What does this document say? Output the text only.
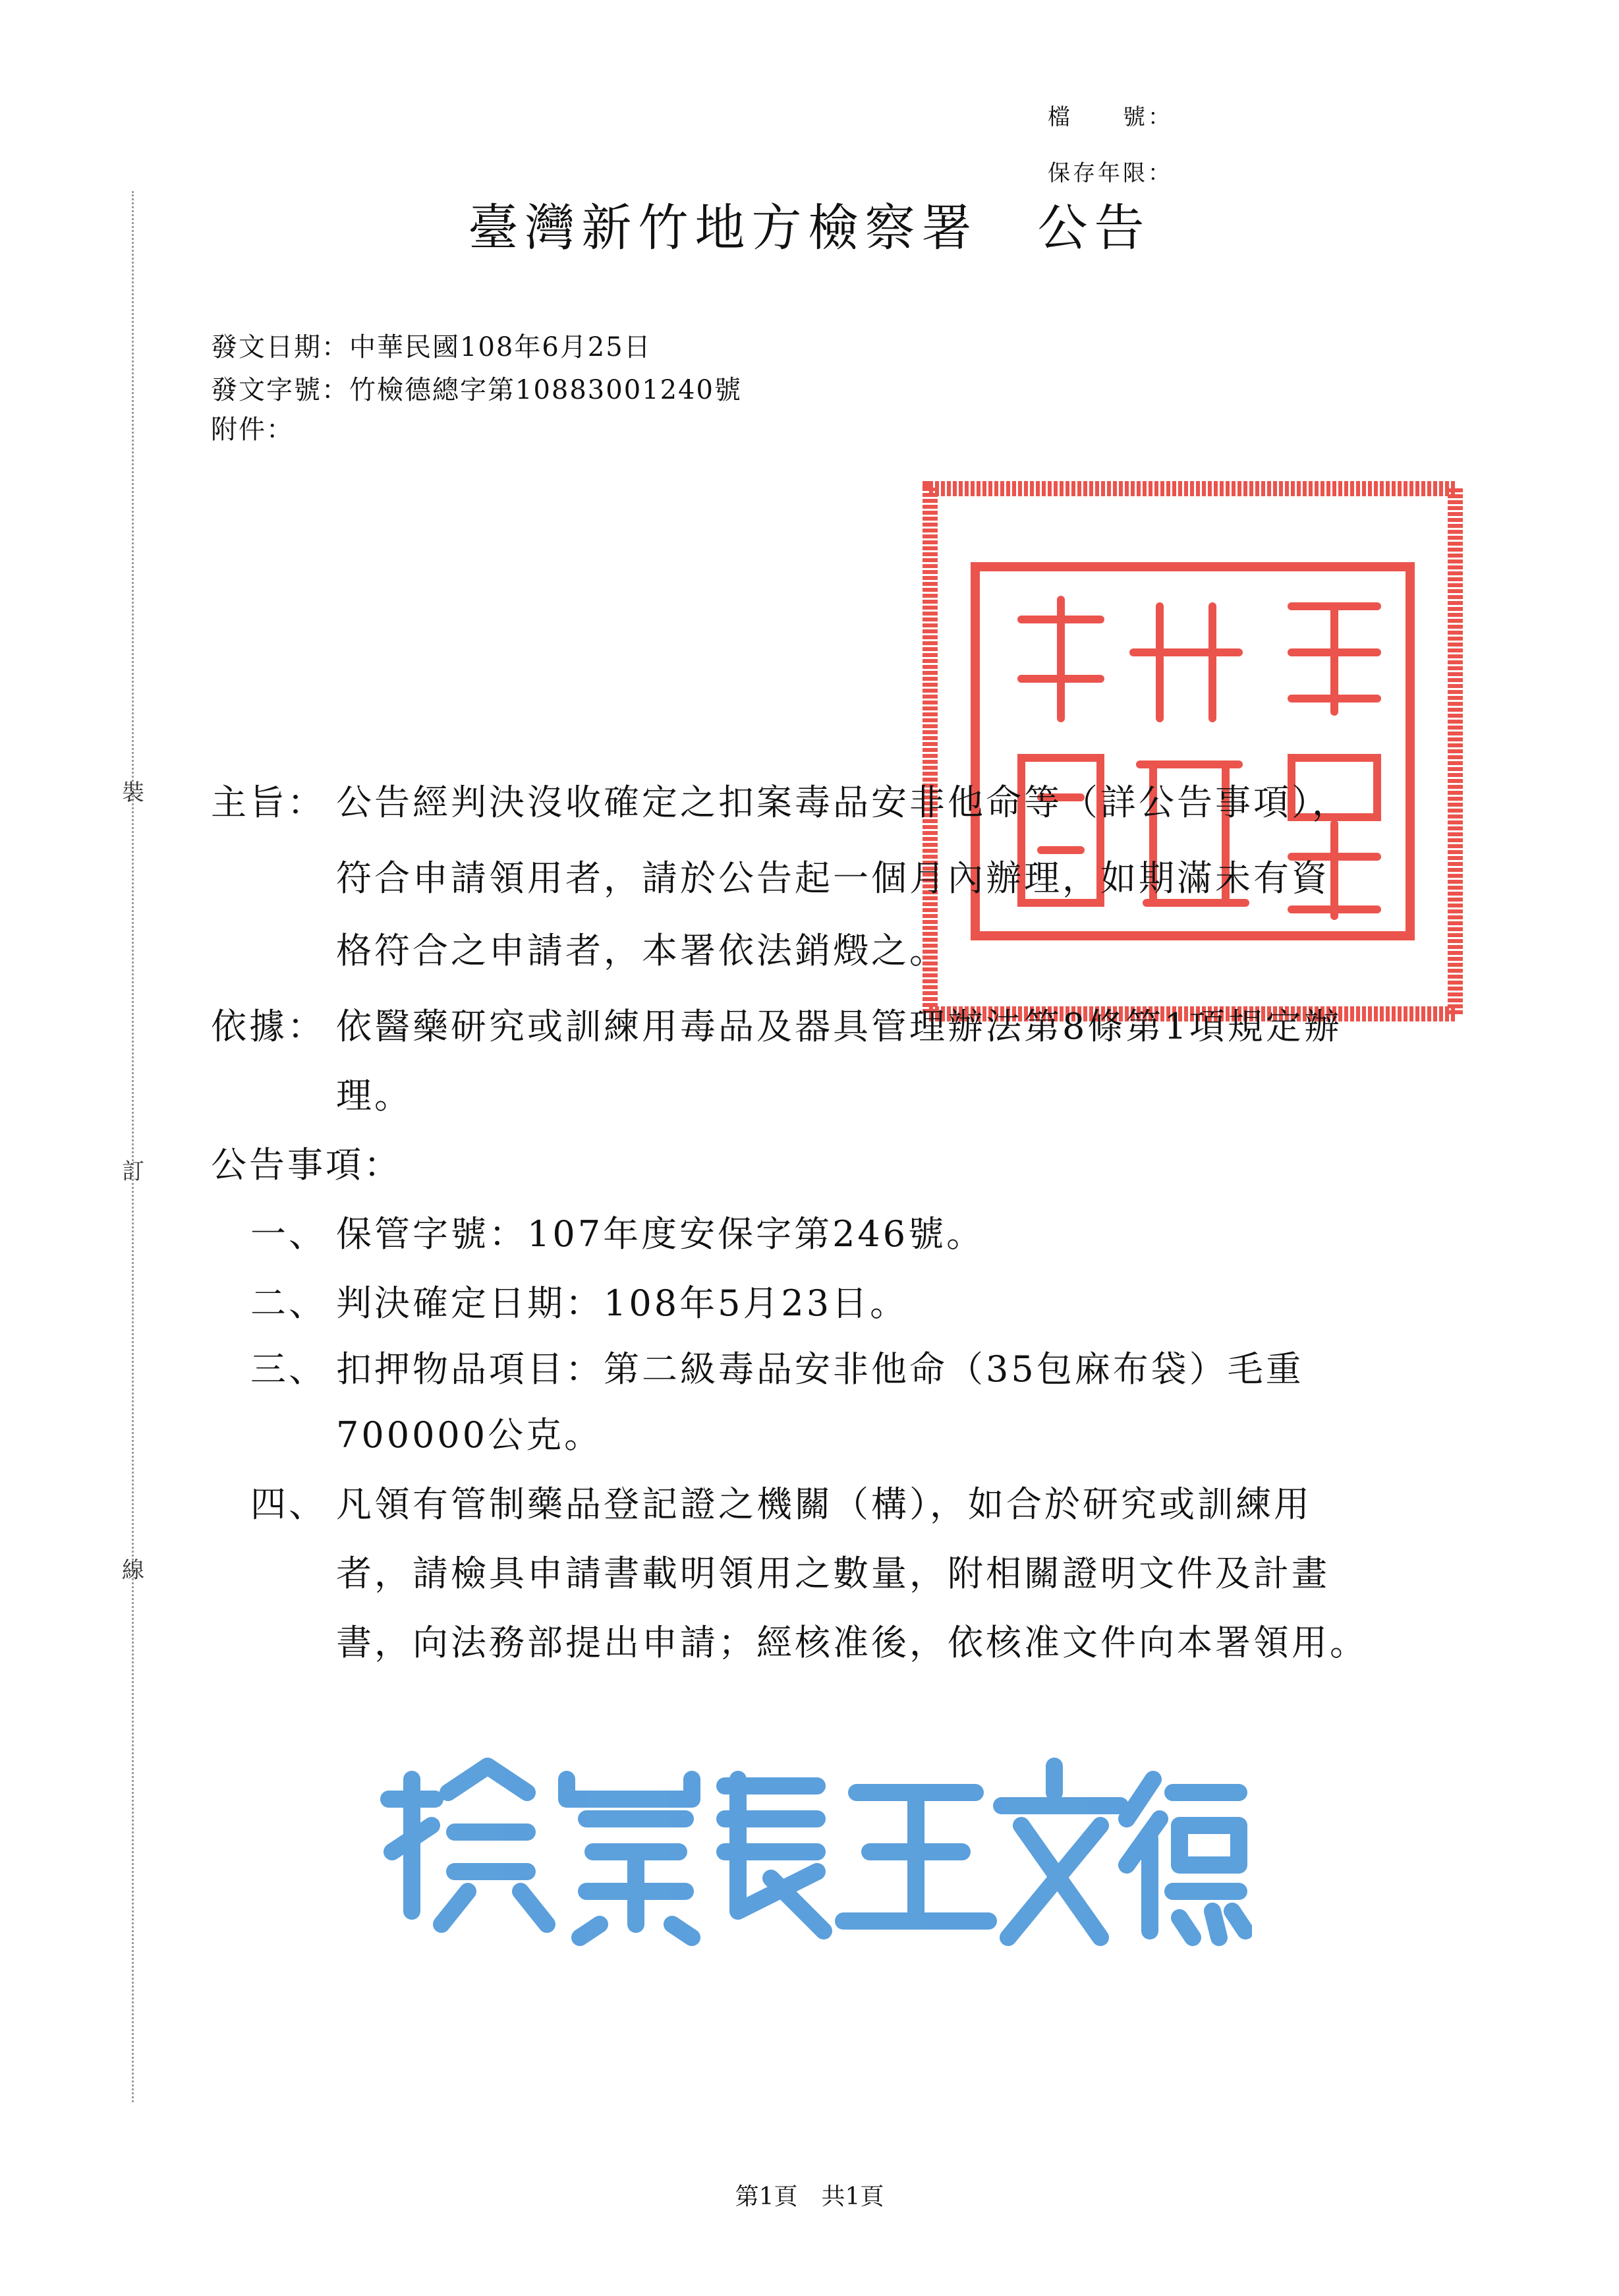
裝
訂
線
檔　　號：
保存年限：
臺灣新竹地方檢察署 公告
發文日期：中華民國108年6月25日
發文字號：竹檢德總字第10883001240號
附件：
主旨： 公告經判決沒收確定之扣案毒品安非他命等（詳公告事項），
符合申請領用者，請於公告起一個月內辦理，如期滿未有資
格符合之申請者，本署依法銷燬之。
依據： 依醫藥研究或訓練用毒品及器具管理辦法第8條第1項規定辦
理。
公告事項：
一、 保管字號：107年度安保字第246號。
二、 判決確定日期：108年5月23日。
三、 扣押物品項目：第二級毒品安非他命（35包麻布袋）毛重
700000公克。
四、 凡領有管制藥品登記證之機關（構），如合於研究或訓練用
者，請檢具申請書載明領用之數量，附相關證明文件及計畫
書，向法務部提出申請；經核准後，依核准文件向本署領用。
第1頁 共1頁
